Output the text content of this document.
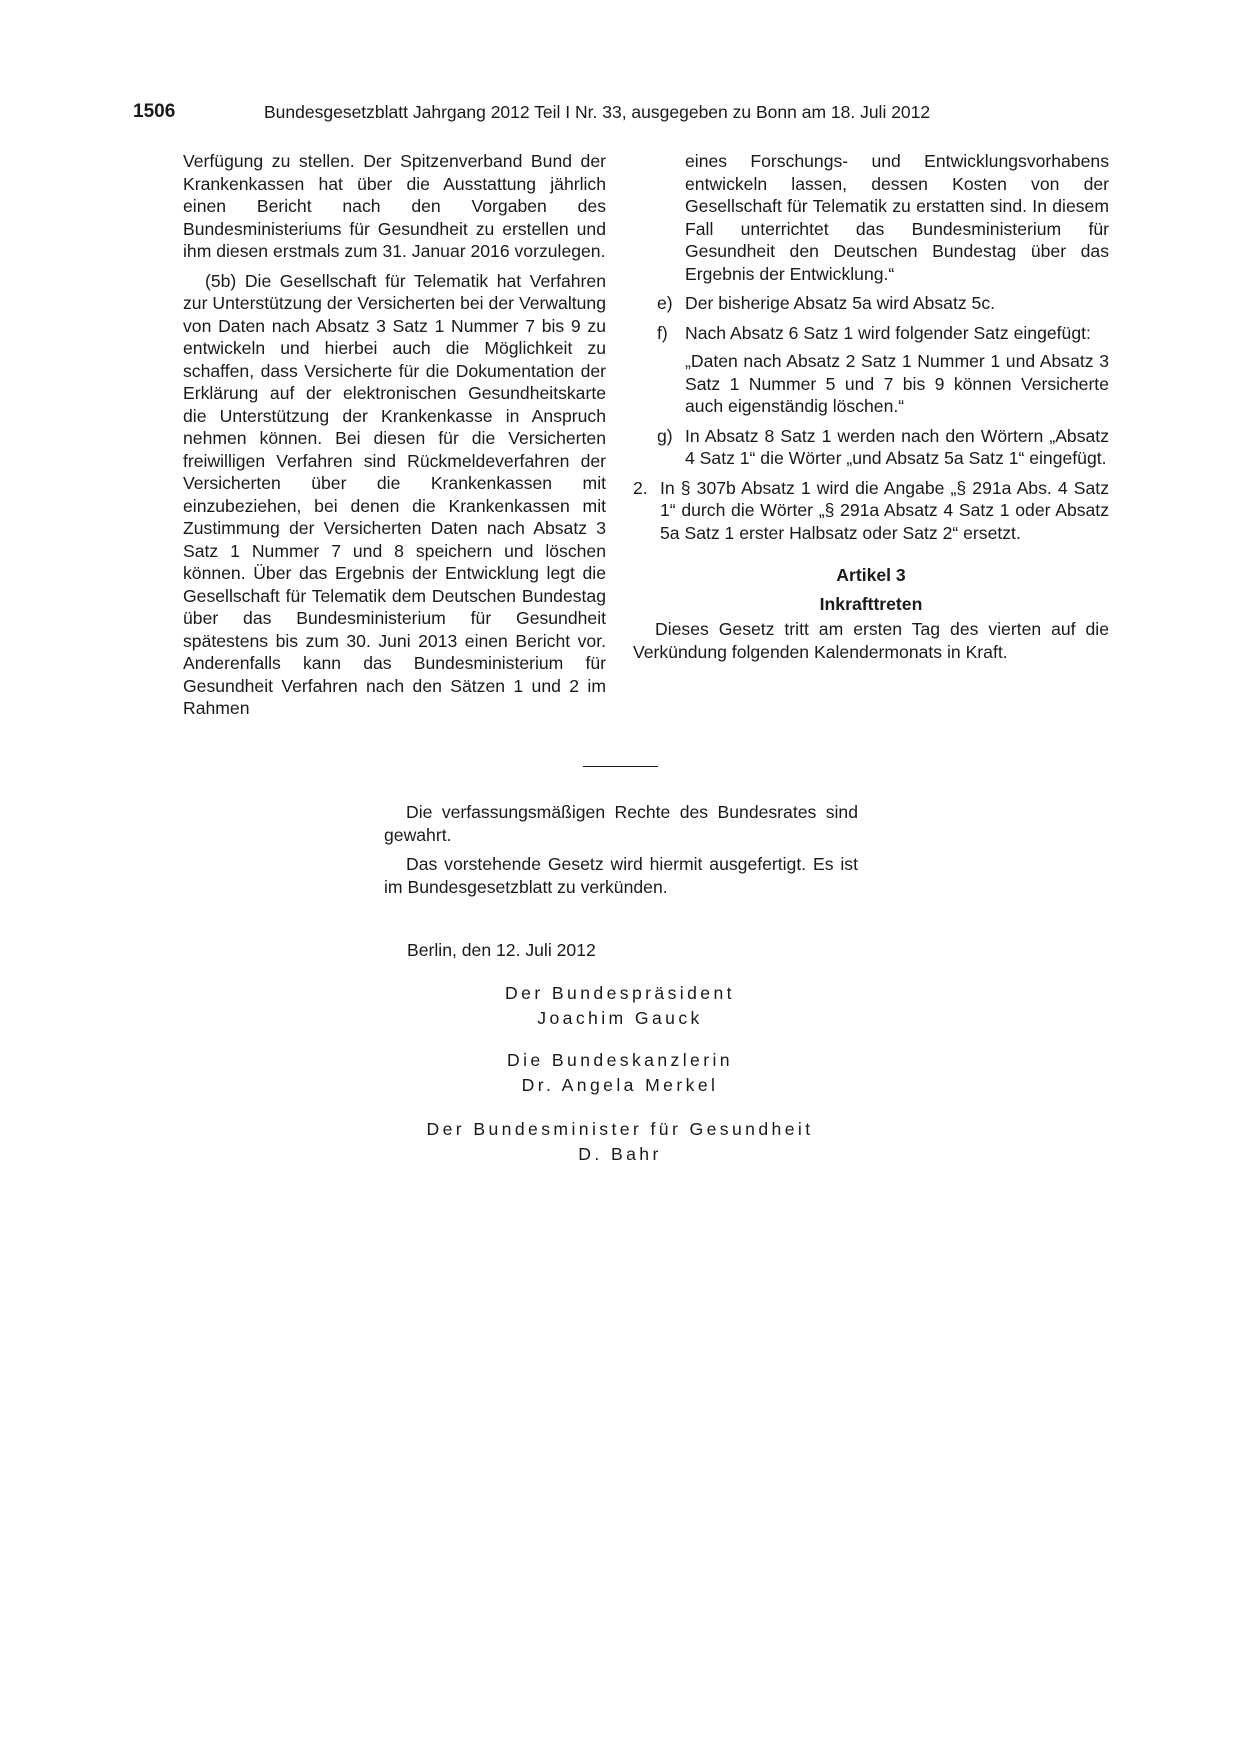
1506	Bundesgesetzblatt Jahrgang 2012 Teil I Nr. 33, ausgegeben zu Bonn am 18. Juli 2012

Verfügung zu stellen. Der Spitzenverband Bund der Krankenkassen hat über die Ausstattung jährlich einen Bericht nach den Vorgaben des Bundesministeriums für Gesundheit zu erstellen und ihm diesen erstmals zum 31. Januar 2016 vorzulegen.

(5b) Die Gesellschaft für Telematik hat Verfahren zur Unterstützung der Versicherten bei der Verwaltung von Daten nach Absatz 3 Satz 1 Nummer 7 bis 9 zu entwickeln und hierbei auch die Möglichkeit zu schaffen, dass Versicherte für die Dokumentation der Erklärung auf der elektronischen Gesundheitskarte die Unterstützung der Krankenkasse in Anspruch nehmen können. Bei diesen für die Versicherten freiwilligen Verfahren sind Rückmeldeverfahren der Versicherten über die Krankenkassen mit einzubeziehen, bei denen die Krankenkassen mit Zustimmung der Versicherten Daten nach Absatz 3 Satz 1 Nummer 7 und 8 speichern und löschen können. Über das Ergebnis der Entwicklung legt die Gesellschaft für Telematik dem Deutschen Bundestag über das Bundesministerium für Gesundheit spätestens bis zum 30. Juni 2013 einen Bericht vor. Anderenfalls kann das Bundesministerium für Gesundheit Verfahren nach den Sätzen 1 und 2 im Rahmen

eines Forschungs- und Entwicklungsvorhabens entwickeln lassen, dessen Kosten von der Gesellschaft für Telematik zu erstatten sind. In diesem Fall unterrichtet das Bundesministerium für Gesundheit den Deutschen Bundestag über das Ergebnis der Entwicklung.“

e) Der bisherige Absatz 5a wird Absatz 5c.

f) Nach Absatz 6 Satz 1 wird folgender Satz eingefügt:

„Daten nach Absatz 2 Satz 1 Nummer 1 und Absatz 3 Satz 1 Nummer 5 und 7 bis 9 können Versicherte auch eigenständig löschen.“

g) In Absatz 8 Satz 1 werden nach den Wörtern „Absatz 4 Satz 1“ die Wörter „und Absatz 5a Satz 1“ eingefügt.

2. In § 307b Absatz 1 wird die Angabe „§ 291a Abs. 4 Satz 1“ durch die Wörter „§ 291a Absatz 4 Satz 1 oder Absatz 5a Satz 1 erster Halbsatz oder Satz 2“ ersetzt.

Artikel 3
Inkrafttreten

Dieses Gesetz tritt am ersten Tag des vierten auf die Verkündung folgenden Kalendermonats in Kraft.

Die verfassungsmäßigen Rechte des Bundesrates sind gewahrt.

Das vorstehende Gesetz wird hiermit ausgefertigt. Es ist im Bundesgesetzblatt zu verkünden.

Berlin, den 12. Juli 2012
Der Bundespräsident
Joachim Gauck
Die Bundeskanzlerin
Dr. Angela Merkel
Der Bundesminister für Gesundheit
D. Bahr
